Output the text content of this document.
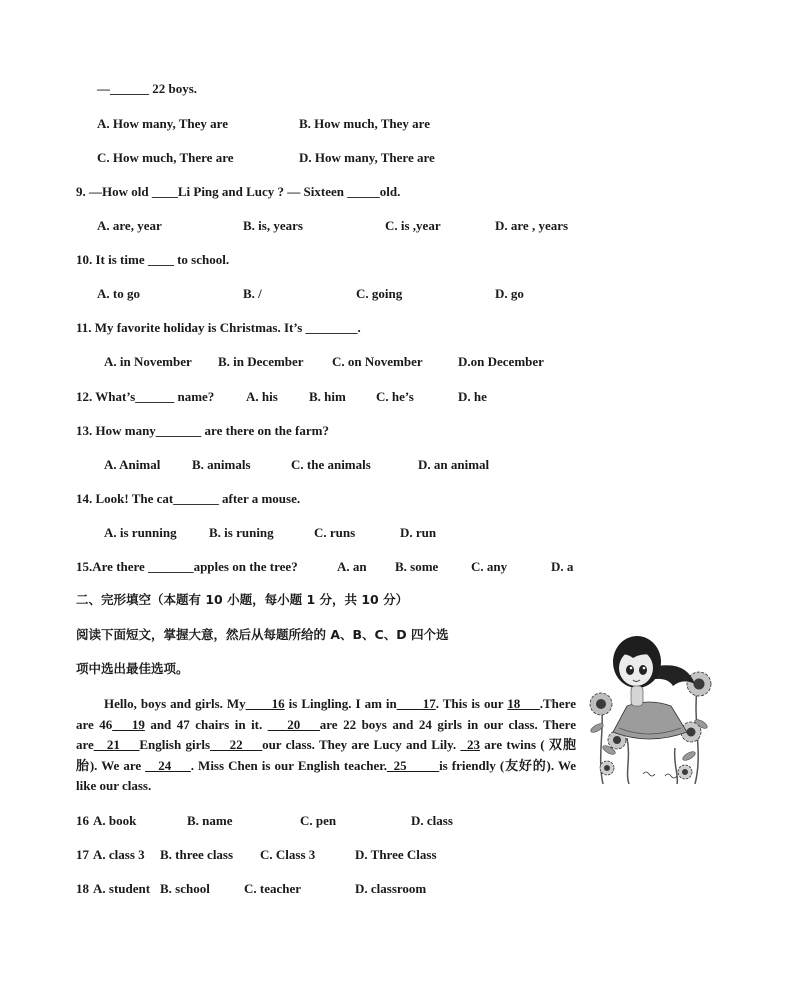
—______ 22 boys.
A. How many, They are	B. How much, They are
C. How much, There are	D. How many, There are
9. —How old ____Li Ping and Lucy ? — Sixteen _____old.
A. are, year	B. is, years	C. is ,year	D. are , years
10. It is time ____ to school.
A. to go	B. /	C. going	D. go
11. My favorite holiday is Christmas. It’s ________.
A. in November B. in December C. on November	D.on December
12. What’s______ name? A. his B. him C. he’s	D. he
13. How many_______ are there on the farm?
A. Animal B. animals	C. the animals	D. an animal
14. Look! The cat_______ after a mouse.
A. is running B. is runing	C. runs	D. run
15.Are there _______apples on the tree?	A. an B. some	C. any	D. a
二、完形填空（本题有 10 小题，每小题 1 分，共 10 分）
阅读下面短文，掌握大意，然后从每题所给的 A、B、C、D 四个选
项中选出最佳选项。
Hello, boys and girls. My____16 is Lingling. I am in____17. This is our 18___.There are 46___19 and 47 chairs in it. ___20___are 22 boys and 24 girls in our class. There are__21___English girls___22___our class. They are Lucy and Lily. _23 are twins ( 双胞胎). We are __24___. Miss Chen is our English teacher._25_____is friendly (友好的). We like our class.
16 A. book	B. name	C. pen	D. class
17 A. class 3 B. three class C. Class 3	D. Three Class
18 A. student B. school	C. teacher	D. classroom
